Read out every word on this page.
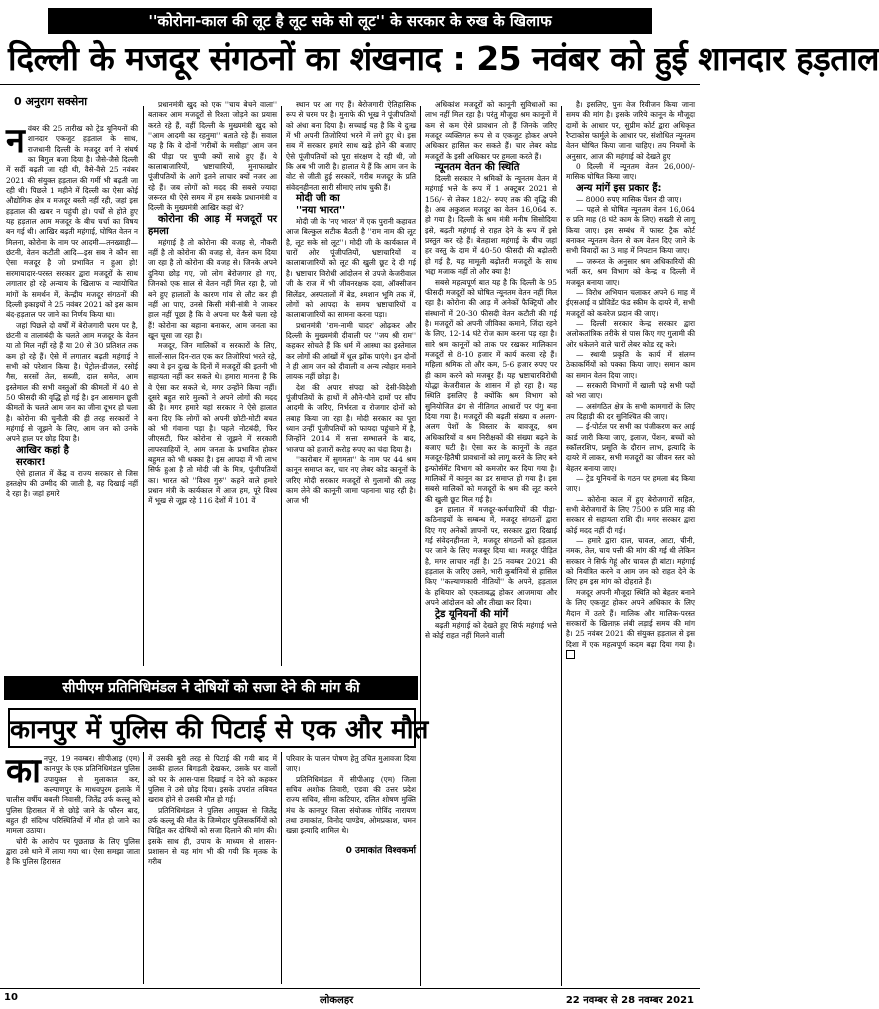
''कोरोना-काल की लूट है लूट सके सो लूट'' के सरकार के रुख के खिलाफ
दिल्ली के मजदूर संगठनों का शंखनाद : 25 नवंबर को हुई शानदार हड़ताल
0 अनुराग सक्सेना

नवंबर की 25 तारीख को ट्रेड यूनियनों की शानदार एकजुट हड़ताल के साथ, राजधानी दिल्ली के मजदूर वर्ग ने संघर्ष का बिगुल बजा दिया है। जैसे-जैसे दिल्ली में सर्दी बढ़ती जा रही थी, वैसे-वैसे 25 नवंबर 2021 की संयुक्त हड़ताल की गर्मी भी बढ़ती जा रही थी। पिछले 1 महीने में दिल्ली का ऐसा कोई औद्योगिक क्षेत्र व मजदूर बस्ती नहीं रही, जहां इस हड़ताल की खबर न पहुंची हो। पर्चों से होते हुए यह हड़ताल आम मजदूर के बीच चर्चा का विषय बन गई थी। आखिर बढ़ती महंगाई, घोषित वेतन न मिलना, कोरोना के नाम पर आदमी—तनख्वाही—छंटनी, वेतन कटौती आदि—इस सब ने कौन सा ऐसा मजदूर है जो प्रभावित न हुआ हो! सरमायादार-परस्त सरकार द्वारा मजदूरों के साथ लगातार हो रहे अन्याय के खिलाफ व न्यायोचित मांगों के समर्थन में, केन्द्रीय मजदूर संगठनों की दिल्ली इकाइयों ने 25 नवंबर 2021 को इस काम बंद-हड़ताल पर जाने का निर्णय किया था।

जहां पिछले दो वर्षों में बेरोजगारी चरम पर है, छंटनी व तालाबंदी के चलते आम मजदूर के वेतन या तो मिल नहीं रहे हैं या 20 से 30 प्रतिशत तक कम हो रहे हैं। ऐसे में लगातार बढ़ती महंगाई ने सभी को परेशान किया है। पेट्रोल-डीजल, रसोई गैस, सरसों तेल, सब्जी, दाल समेत, आम इस्तेमाल की सभी वस्तुओं की कीमतों में 40 से 50 फीसदी की वृद्धि हो गई है। इन आसमान छूती कीमतों के चलते आम जन का जीना दूभर हो चला है। कोरोना की चुनौती की ही तरह सरकारों ने महंगाई से जूझने के लिए, आम जन को उनके अपने हाल पर छोड़ दिया है।

आखिर कहां है

सरकार!

ऐसे हालात में केंद्र व राज्य सरकार से जिस हस्तक्षेप की उम्मीद की जाती है, वह दिखाई नहीं दे रहा है। जहां हमारे

प्रधानमंत्री खुद को एक ''चाय बेचने वाला'' बताकर आम मजदूरों से रिश्ता जोड़ने का प्रयास करते रहे हैं, वहीं दिल्ली के मुख्यमंत्री खुद को ''आम आदमी का रहनुमा'' बताते रहे हैं। सवाल यह है कि वे दोनों 'गरीबों के मसीहा' आम जन की पीड़ा पर चुप्पी क्यों साधे हुए हैं। ये कालाबाजारियों, भ्रष्टाचारियों, मुनाफाखोर पूंजीपतियों के आगे इतने लाचार क्यों नजर आ रहे हैं। जब लोगों को मदद की सबसे ज्यादा जरूरत थी ऐसे समय में हम सबके प्रधानमंत्री व दिल्ली के मुख्यमंत्री आखिर कहां थे?

कोरोना की आड़ में मजदूरों पर हमला

महंगाई है तो कोरोना की वजह से, नौकरी नहीं है तो कोरोना की वजह से, वेतन कम दिया जा रहा है तो कोरोना की वजह से। जिनके अपने दुनिया छोड़ गए, जो लोग बेरोजगार हो गए, जिनको एक साल से वेतन नहीं मिल रहा है, जो बने हुए हालातों के कारण गांव से लौट कर ही नहीं आ पाए, उनसे किसी मंत्री-संत्री ने जाकर हाल नहीं पूछा है कि वे अपना घर कैसे चला रहे हैं! कोरोना का बहाना बनाकर, आम जनता का खून चूसा जा रहा है।

मजदूर, जिन मालिकों व सरकारों के लिए, सालों-साल दिन-रात एक कर तिजोरियां भरते रहे, क्या वे इन दुःख के दिनों में मजदूरों की इतनी भी सहायता नहीं कर सकते थे। हमारा मानना है कि वे ऐसा कर सकते थे, मगर उन्होंने किया नहीं। दूसरे बहुत सारे मुल्कों ने अपने लोगों की मदद की है। मगर हमारे यहां सरकार ने ऐसे हालात बना दिए कि लोगों को अपनी छोटी-मोटी बचत को भी गंवाना पड़ा है। पहले नोटबंदी, फिर जीएसटी, फिर कोरोना से जूझने में सरकारी लापरवाहियों ने, आम जनता के प्रभावित होकर बहुमत को भी धक्का है। इस आपदा में भी लाभ सिर्फ हुआ है तो मोदी जी के मित्र, पूंजीपतियों का। भारत को ''विश्व गुरु'' कहने वाले हमारे प्रधान मंत्री के कार्यकाल में आज हम, पूरे विश्व में भूख से जूझ रहे 116 देशों में 101 वें

स्थान पर आ गए हैं। बेरोजगारी ऐतिहासिक रूप से चरम पर है। मुनाफे की भूख ने पूंजीपतियों को अंधा बना दिया है। सच्चाई यह है कि ये दुःख में भी अपनी तिजोरियां भरने में लगे हुए थे। इस सब में सरकार हमारे साथ खड़े होने की बजाए ऐसे पूंजीपतियों को पूरा संरक्षण दे रही थी, जो कि अब भी जारी है। हालात ये हैं कि आम जन के वोट से जीती हुई सरकारें, गरीब मजदूर के प्रति संवेदनहीनता सारी सीमाएं लांघ चुकी हैं।

मोदी जी का

''नया भारत''

मोदी जी के 'नए भारत' में एक पुरानी कहावत आज बिल्कुल सटीक बैठती है ''राम नाम की लूट है, लूट सके सो लूट''। मोदी जी के कार्यकाल में चारों ओर पूंजीपतियों, भ्रष्टाचारियों व कालाबाजारियों को लूट की खुली छूट दे दी गई है। भ्रष्टाचार विरोधी आंदोलन से उपजे केजरीवाल जी के राज में भी जीवनरक्षक दवा, ऑक्सीजन सिलेंडर, अस्पतालों में बेड, श्मशान भूमि तक में, लोगों को आपदा के समय भ्रष्टाचारियों व कालाबाजारियों का सामना करना पड़ा।

प्रधानमंत्री 'राम-नामी चादर' ओढ़कर और दिल्ली के मुख्यमंत्री दीवाली पर ''जय श्री राम'' कहकर सोचते हैं कि धर्म में आस्था का इस्तेमाल कर लोगों की आंखों में धूल झोंक पाएंगे। इन दोनों ने ही आम जन को दीवाली व अन्य त्योहार मनाने लायक नहीं छोड़ा है।

देश की अपार संपदा को देसी-विदेशी पूंजीपतियों के हाथों में औने-पौने दामों पर सौंप आदमी के जरिए, निर्भरता व रोजगार दोनों को तबाह किया जा रहा है। मोदी सरकार का पूरा ध्यान उन्हीं पूंजीपतियों को फायदा पहुंचाने में है, जिन्होंने 2014 में सत्ता सम्भालने के बाद, भाजपा को हजारों करोड़ रुपए का चंदा दिया है।

''कारोबार में सुगमता'' के नाम पर 44 श्रम कानून समाप्त कर, चार नए लेबर कोड कानूनों के जरिए मोदी सरकार मजदूरों से गुलामों की तरह काम लेने की कानूनी जामा पहनाना चाह रही है। आज भी

अधिकांश मजदूरों को कानूनी सुविधाओं का लाभ नहीं मिल रहा है। परंतु मौजूदा श्रम कानूनों में कम से कम ऐसे प्रावधान तो हैं जिनके जरिए मजदूर व्यक्तिगत रूप से व एकजुट होकर अपने अधिकार हासिल कर सकते हैं। चार लेबर कोड मजदूरों के इसी अधिकार पर हमला करते हैं।

न्यूनतम वेतन की स्थिति

दिल्ली सरकार ने श्रमिकों के न्यूनतम वेतन में महंगाई भत्ते के रूप में 1 अक्टूबर 2021 से 156/- से लेकर 182/- रुपए तक की वृद्धि की है। अब अकुशल मजदूर का वेतन 16,064 रु. हो गया है। दिल्ली के श्रम मंत्री मनीष सिसोदिया इसे, बढ़ती महंगाई से राहत देने के रूप में इसे प्रस्तुत कर रहे हैं। बेतहाशा महंगाई के बीच जहां हर वस्तु के दाम में 40-50 फीसदी की बढ़ोतरी हो गई है, यह मामूली बढ़ोतरी मजदूरों के साथ भद्दा मजाक नहीं तो और क्या है!

सबसे महत्वपूर्ण बात यह है कि दिल्ली के 95 फीसदी मजदूरों को घोषित न्यूनतम वेतन नहीं मिल रहा है। कोरोना की आड़ में अनेकों फैक्ट्रियों और संस्थानों में 20-30 फीसदी वेतन कटौती की गई है। मजदूरों को अपनी जीविका कमाने, जिंदा रहने के लिए, 12-14 घंटे रोज काम करना पड़ रहा है। सारे श्रम कानूनों को ताक पर रखकर मालिकान मजदूरों से 8-10 हजार में कार्य करवा रहे हैं। महिला श्रमिक तो और कम, 5-6 हजार रुपए पर ही काम करने को मजबूर हैं। यह भ्रष्टाचारविरोधी योद्धा केजरीवाल के शासन में हो रहा है। यह स्थिति इसलिए है क्योंकि श्रम विभाग को सुनियोजित ढंग से नीतिगत आधारों पर पंगु बना दिया गया है। मजदूरों की बढ़ती संख्या व अलग-अलग पेशों के विस्तार के बावजूद, श्रम अधिकारियों व श्रम निरीक्षकों की संख्या बढ़ने के बजाए घटी है। ऐसा कर के कानूनों के तहत मजदूर-हितैषी प्रावधानों को लागू करने के लिए बने इन्फोर्समेंट विभाग को कमजोर कर दिया गया है। मालिकों में कानून का डर समाप्त हो गया है। इस सबसे मालिकों को मजदूरों के श्रम की लूट करने की खुली छूट मिल गई है।

इन हालात में मजदूर-कर्मचारियों की पीड़ा-कठिनाइयों के सम्बन्ध में, मजदूर संगठनों द्वारा दिए गए अनेकों ज्ञापनों पर, सरकार द्वारा दिखाई गई संवेदनहीनता ने, मजदूर संगठनों को हड़ताल पर जाने के लिए मजबूर दिया था। मजदूर पीड़ित है, मगर लाचार नहीं है। 25 नवम्बर 2021 की हड़ताल के जरिए उसने, भारी कुर्बानियों से हासिल किए ''कल्याणकारी नीतियों'' के अपने, हड़ताल के हथियार को एकताबद्ध होकर आजमाया और अपने आंदोलन को और तीखा कर दिया।

ट्रेड यूनियनों की मांगें

बढ़ती महंगाई को देखते हुए सिर्फ महंगाई भत्ते से कोई राहत नहीं मिलने वाली

है। इसलिए, पुनः वेज रिवीजन किया जाना समय की मांग है। इसके जरिये कानून के मौजूदा दामों के आधार पर, सुप्रीम कोर्ट द्वारा अधिकृत रैप्टाकोस फार्मूले के आधार पर, संशोधित न्यूनतम वेतन घोषित किया जाना चाहिए। तय नियमों के अनुसार, आज की महंगाई को देखते हुए

0 दिल्ली में न्यूनतम वेतन 26,000/- मासिक घोषित किया जाए।

अन्य मांगें इस प्रकार हैं:

— 8000 रुपए मासिक पेंशन दी जाए।

— पहले से घोषित न्यूनतम वेतन 16,064 रु प्रति माह (8 घंटे काम के लिए) सख्ती से लागू किया जाए। इस सम्बंध में फास्ट ट्रैक कोर्ट बनाकर न्यूनतम वेतन से कम वेतन दिए जाने के सभी विवादों का 3 माह में निपटान किया जाए।

— जरूरत के अनुसार श्रम अधिकारियों की भर्ती कर, श्रम विभाग को केन्द्र व दिल्ली में मजबूत बनाया जाए।

— विरोध अभियान चलाकर अपने 6 माह में ईएसआई व प्रोविडेंट फंड स्कीम के दायरे में, सभी मजदूरों को कवरेज प्रदान की जाए।

— दिल्ली सरकार केन्द्र सरकार द्वारा अलोकतांत्रिक तरीके से पास किए गए गुलामी की ओर धकेलने वाले चारों लेबर कोड रद्द करे।

— स्थायी प्रकृति के कार्य में संलग्न ठेकाकर्मियों को पक्का किया जाए। समान काम का समान वेतन दिया जाए।

— सरकारी विभागों में खाली पड़े सभी पदों को भरा जाए।

— असंगठित क्षेत्र के सभी कामगारों के लिए तय दिहाड़ी की दर सुनिश्चित की जाए।

— ई-पोर्टल पर सभी का पंजीकरण कर आई कार्ड जारी किया जाए, इलाज, पेंशन, बच्चों को स्कॉलरशिप, प्रसूति के दौरान लाभ, इत्यादि के दायरे में लाकर, सभी मजदूरों का जीवन स्तर को बेहतर बनाया जाए।

— ट्रेड यूनियनों के गठन पर हमला बंद किया जाए।

— कोरोना काल में हुए बेरोजगारों सहित, सभी बेरोजगारों के लिए 7500 रु प्रति माह की सरकार से सहायता राशि दी। मगर सरकार द्वारा कोई मदद नहीं दी गई।

— हमारे द्वारा दाल, चावल, आटा, चीनी, नमक, तेल, चाय पत्ती की मांग की गई थी लेकिन सरकार ने सिर्फ गेहूं और चावल ही बांटा। महंगाई को नियंत्रित करने व आम जन को राहत देने के लिए हम इस मांग को दोहराते हैं।

मजदूर अपनी मौजूदा स्थिति को बेहतर बनाने के लिए एकजुट होकर अपने अधिकार के लिए मैदान में उतरे हैं। मालिक और मालिक-परस्त सरकारों के खिलाफ़ लंबी लड़ाई समय की मांग है। 25 नवंबर 2021 की संयुक्त हड़ताल से इस दिशा में एक महत्वपूर्ण कदम बढ़ा दिया गया है।

सीपीएम प्रतिनिधिमंडल ने दोषियों को सजा देने की मांग की
कानपुर में पुलिस की पिटाई से एक और मौत

कानपुर, 19 नवम्बर। सीपीआइ (एम) कानपुर के एक प्रतिनिधिमंडल पुलिस उपायुक्त से मुलाकात कर, कल्याणपुर के माधवपुरम इलाके में चालीस वर्षीय बबली निवासी, जितेंद्र उर्फ कल्लू को पुलिस हिरासत में से छोड़े जाने के फौरन बाद, बहुत ही संदिग्ध परिस्थितियों में मौत हो जाने का मामला उठाया।

चोरी के आरोप पर पूछताछ के लिए पुलिस द्वारा उसे थाने में लाया गया था। ऐसा समझा जाता है कि पुलिस हिरासत

में उसकी बुरी तरह से पिटाई की गयी बाद में उसकी हालत बिगड़ती देखकर, उसके घर वालों को घर के आस-पास दिखाई न देने को कहकर पुलिस ने उसे छोड़ दिया। इसके उपरांत तबियत खराब होने से उसकी मौत हो गई।

प्रतिनिधिमंडल ने पुलिस आयुक्त से जितेंद्र उर्फ कल्लू की मौत के जिम्मेदार पुलिसकर्मियों को चिह्नित कर दोषियों को सजा दिलाने की मांग की। इसके साथ ही, उपाय के माध्यम से शासन-प्रशासन से यह मांग भी की गयी कि मृतक के गरीब

परिवार के पालन पोषण हेतु उचित मुआवजा दिया जाए।

प्रतिनिधिमंडल में सीपीआइ (एम) जिला सचिव अशोक तिवारी, एडवा की उत्तर प्रदेश राज्य सचिव, सीमा कटियार, दलित शोषण मुक्ति मंच के कानपुर जिला संयोजक गोविंद नारायण तथा उमाकांत, विनोद पाण्डेय, ओमप्रकाश, चमन खन्ना इत्यादि शामिल थे।

0 उमाकांत विश्वकर्मा

10	लोकलहर	22 नवम्बर से 28 नवम्बर 2021
